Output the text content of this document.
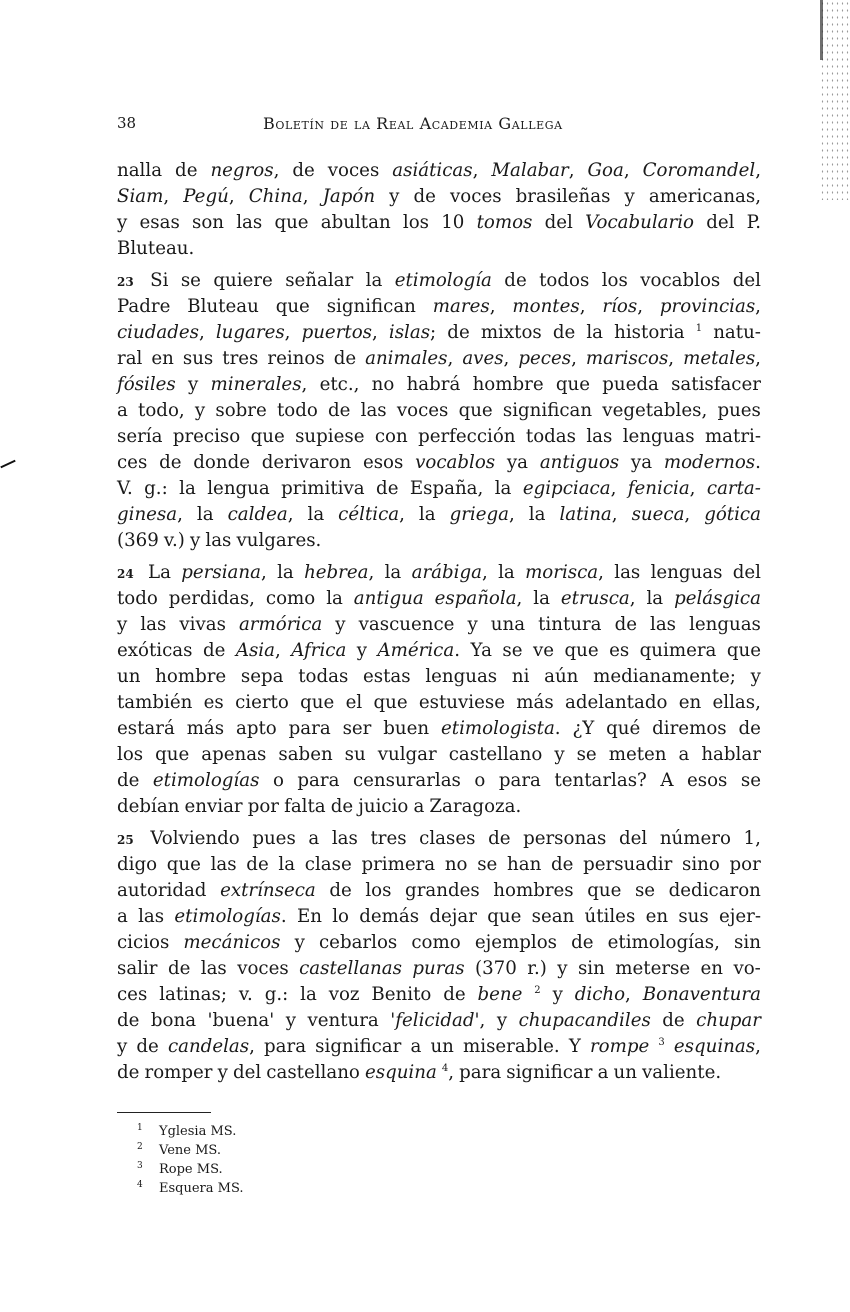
38	Boletín de la Real Academia Gallega
nalla de negros, de voces asiáticas, Malabar, Goa, Coromandel,
Siam, Pegú, China, Japón y de voces brasileñas y americanas,
y esas son las que abultan los 10 tomos del Vocabulario del P.
Bluteau.
23 Si se quiere señalar la etimología de todos los vocablos del
Padre Bluteau que significan mares, montes, ríos, provincias,
ciudades, lugares, puertos, islas; de mixtos de la historia $^1$ natu-
ral en sus tres reinos de animales, aves, peces, mariscos, metales,
fósiles y minerales, etc., no habrá hombre que pueda satisfacer
a todo, y sobre todo de las voces que significan vegetables, pues
sería preciso que supiese con perfección todas las lenguas matri-
ces de donde derivaron esos vocablos ya antiguos ya modernos.
V. g.: la lengua primitiva de España, la egipciaca, fenicia, carta-
ginesa, la caldea, la céltica, la griega, la latina, sueca, gótica
(369 v.) y las vulgares.
24 La persiana, la hebrea, la arábiga, la morisca, las lenguas del
todo perdidas, como la antigua española, la etrusca, la pelásgica
y las vivas armórica y vascuence y una tintura de las lenguas
exóticas de Asia, Africa y América. Ya se ve que es quimera que
un hombre sepa todas estas lenguas ni aún medianamente; y
también es cierto que el que estuviese más adelantado en ellas,
estará más apto para ser buen etimologista. ¿Y qué diremos de
los que apenas saben su vulgar castellano y se meten a hablar
de etimologías o para censurarlas o para tentarlas? A esos se
debían enviar por falta de juicio a Zaragoza.
25 Volviendo pues a las tres clases de personas del número 1,
digo que las de la clase primera no se han de persuadir sino por
autoridad extrínseca de los grandes hombres que se dedicaron
a las etimologías. En lo demás dejar que sean útiles en sus ejer-
cicios mecánicos y cebarlos como ejemplos de etimologías, sin
salir de las voces castellanas puras (370 r.) y sin meterse en vo-
ces latinas; v. g.: la voz Benito de bene $^2$ y dicho, Bonaventura
de bona 'buena' y ventura 'felicidad', y chupacandiles de chupar
y de candelas, para significar a un miserable. Y rompe $^3$ esquinas,
de romper y del castellano esquina $^4$, para significar a un valiente.
1	Yglesia MS.
2	Vene MS.
3	Rope MS.
4	Esquera MS.
